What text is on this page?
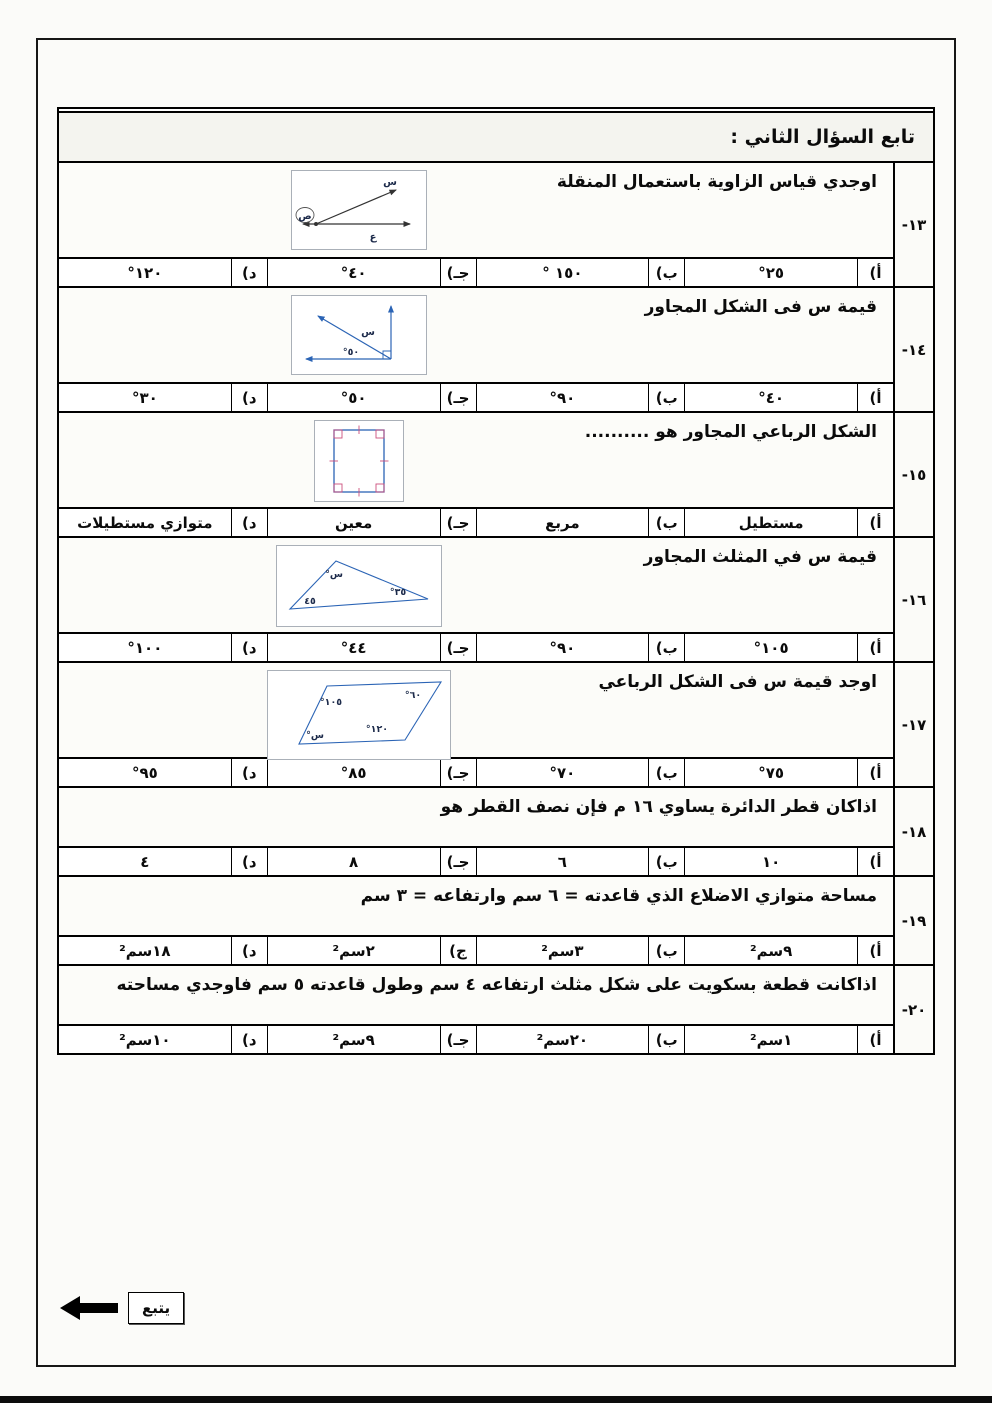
تابع السؤال الثاني :
-١٣
اوجدي قياس الزاوية باستعمال المنقلة
ص
س
ع
أ)
٢٥°
ب)
١٥٠ °
جـ)
٤٠°
د)
١٢٠°
-١٤
قيمة س فى الشكل المجاور
س
°٥٠
أ)
٤٠°
ب)
٩٠°
جـ)
٥٠°
د)
٣٠°
-١٥
الشكل الرباعي المجاور هو ..........
أ)
مستطيل
ب)
مربع
جـ)
معين
د)
متوازي مستطيلات
-١٦
قيمة س في المثلث المجاور
°س
٤٥
°٣٥
أ)
١٠٥°
ب)
٩٠°
جـ)
٤٤°
د)
١٠٠°
-١٧
اوجد قيمة س فى الشكل الرباعي
°١٠٥
°٦٠
°١٢٠
°س
أ)
٧٥°
ب)
٧٠°
جـ)
٨٥°
د)
٩٥°
-١٨
اذاكان قطر الدائرة يساوي ١٦ م فإن نصف القطر هو
أ)
١٠
ب)
٦
جـ)
٨
د)
٤
-١٩
مساحة متوازي الاضلاع الذي قاعدته = ٦ سم وارتفاعه = ٣ سم
أ)
٩سم²
ب)
٣سم²
ج)
٢سم²
د)
١٨سم²
-٢٠
اذاكانت قطعة بسكويت على شكل مثلث ارتفاعه ٤ سم وطول قاعدته ٥ سم فاوجدي مساحته
أ)
١سم²
ب)
٢٠سم²
جـ)
٩سم²
د)
١٠سم²
يتبع
